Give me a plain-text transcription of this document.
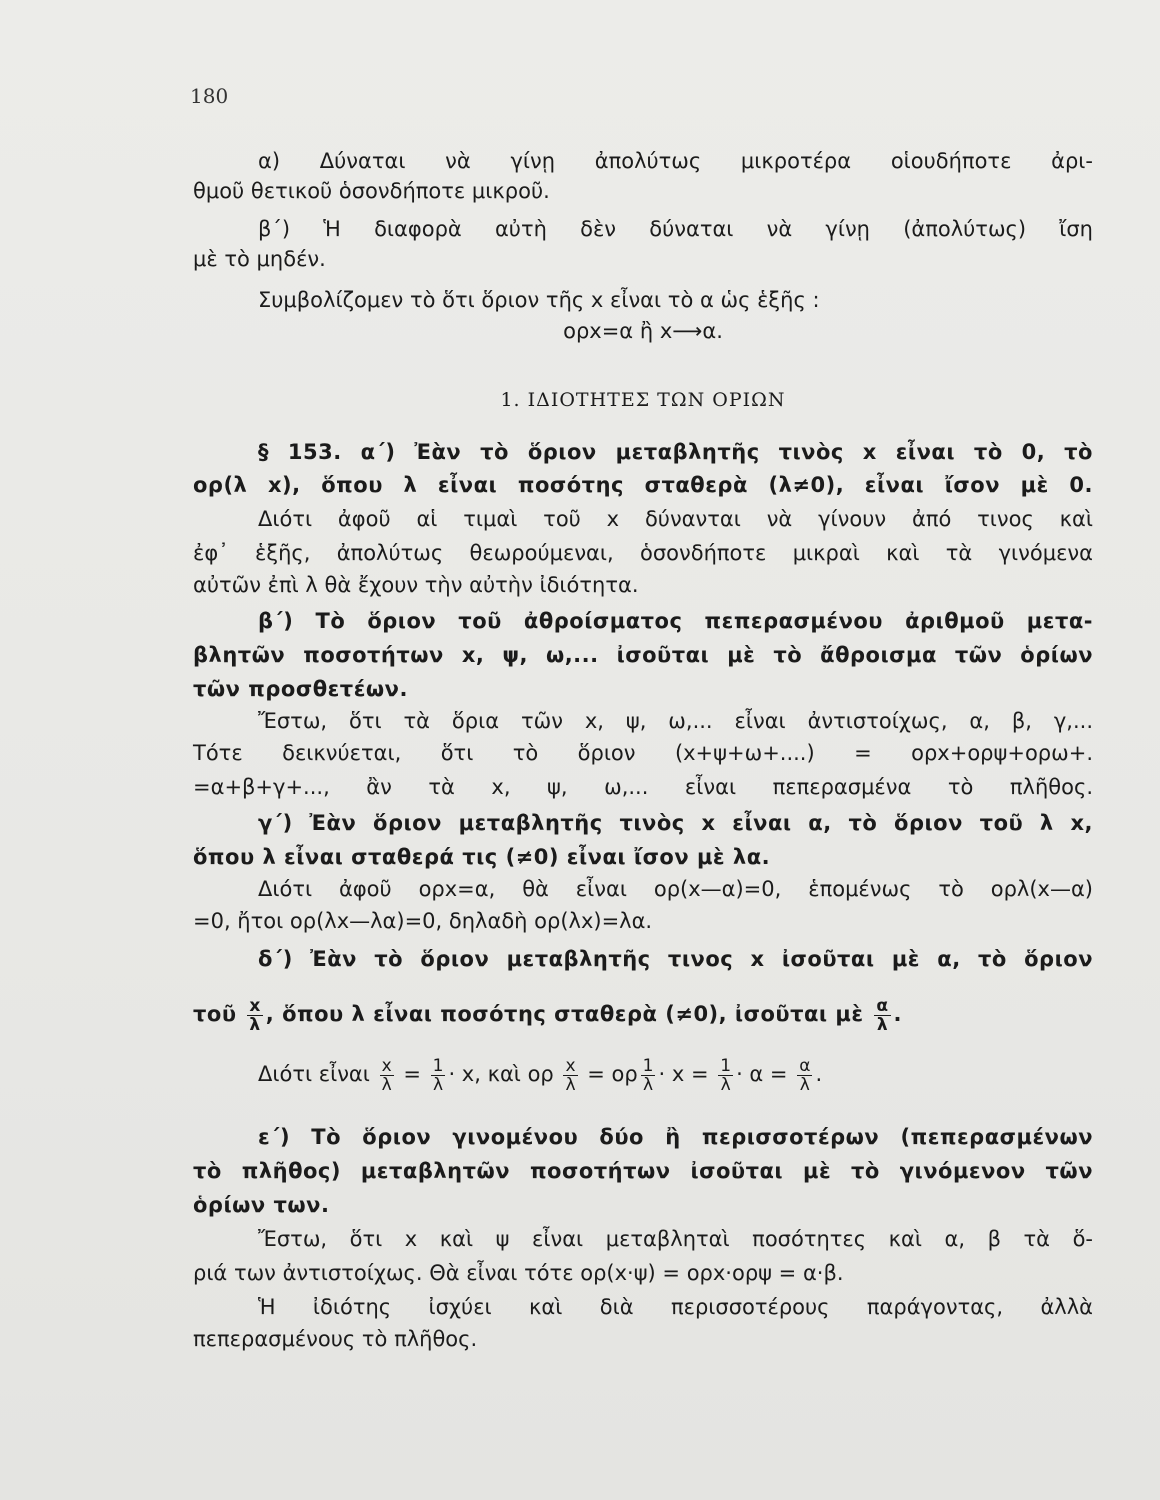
180
α) Δύναται νὰ γίνῃ ἀπολύτως μικροτέρα οἱουδήποτε ἀρι-
θμοῦ θετικοῦ ὁσονδήποτε μικροῦ.
β΄) Ἡ διαφορὰ αὐτὴ δὲν δύναται νὰ γίνῃ (ἀπολύτως) ἴση
μὲ τὸ μηδέν.
Συμβολίζομεν τὸ ὅτι ὅριον τῆς x εἶναι τὸ α ὡς ἑξῆς :
ορx=α ἢ x⟶α.
1. ΙΔΙΟΤΗΤΕΣ ΤΩΝ ΟΡΙΩΝ
§ 153. α΄) Ἐὰν τὸ ὅριον μεταβλητῆς τινὸς x εἶναι τὸ 0, τὸ
ορ(λ x), ὅπου λ εἶναι ποσότης σταθερὰ (λ≠0), εἶναι ἴσον μὲ 0.
Διότι ἀφοῦ αἱ τιμαὶ τοῦ x δύνανται νὰ γίνουν ἀπό τινος καὶ
ἐφ᾽ ἑξῆς, ἀπολύτως θεωρούμεναι, ὁσονδήποτε μικραὶ καὶ τὰ γινόμενα
αὐτῶν ἐπὶ λ θὰ ἔχουν τὴν αὐτὴν ἰδιότητα.
β΄) Τὸ ὅριον τοῦ ἀθροίσματος πεπερασμένου ἀριθμοῦ μετα-
βλητῶν ποσοτήτων x, ψ, ω,... ἰσοῦται μὲ τὸ ἄθροισμα τῶν ὁρίων
τῶν προσθετέων.
Ἔστω, ὅτι τὰ ὅρια τῶν x, ψ, ω,... εἶναι ἀντιστοίχως, α, β, γ,...
Τότε δεικνύεται, ὅτι τὸ ὅριον (x+ψ+ω+....) = ορx+ορψ+ορω+.
=α+β+γ+..., ἂν τὰ x, ψ, ω,... εἶναι πεπερασμένα τὸ πλῆθος.
γ΄) Ἐὰν ὅριον μεταβλητῆς τινὸς x εἶναι α, τὸ ὅριον τοῦ λ x,
ὅπου λ εἶναι σταθερά τις (≠0) εἶναι ἴσον μὲ λα.
Διότι ἀφοῦ ορx=α, θὰ εἶναι ορ(x—α)=0, ἑπομένως τὸ ορλ(x—α)
=0, ἤτοι ορ(λx—λα)=0, δηλαδὴ ορ(λx)=λα.
δ΄) Ἐὰν τὸ ὅριον μεταβλητῆς τινος x ἰσοῦται μὲ α, τὸ ὅριον
τοῦ $\frac{x}{\lambda}$ , ὅπου λ εἶναι ποσότης σταθερὰ (≠0), ἰσοῦται μὲ $\frac{\alpha}{\lambda}$ .
Διότι εἶναι $\frac{x}{\lambda} = \frac{1}{\lambda} \cdot x$, καὶ ορ $\frac{x}{\lambda} = o\rho \frac{1}{\lambda} \cdot x = \frac{1}{\lambda} \cdot \alpha = \frac{\alpha}{\lambda}$ .
ε΄) Τὸ ὅριον γινομένου δύο ἢ περισσοτέρων (πεπερασμένων
τὸ πλῆθος) μεταβλητῶν ποσοτήτων ἰσοῦται μὲ τὸ γινόμενον τῶν
ὁρίων των.
Ἔστω, ὅτι x καὶ ψ εἶναι μεταβληταὶ ποσότητες καὶ α, β τὰ ὅ-
ριά των ἀντιστοίχως. Θὰ εἶναι τότε ορ(x·ψ) = ορx·ορψ = α·β.
Ἡ ἰδιότης ἰσχύει καὶ διὰ περισσοτέρους παράγοντας, ἀλλὰ
πεπερασμένους τὸ πλῆθος.
